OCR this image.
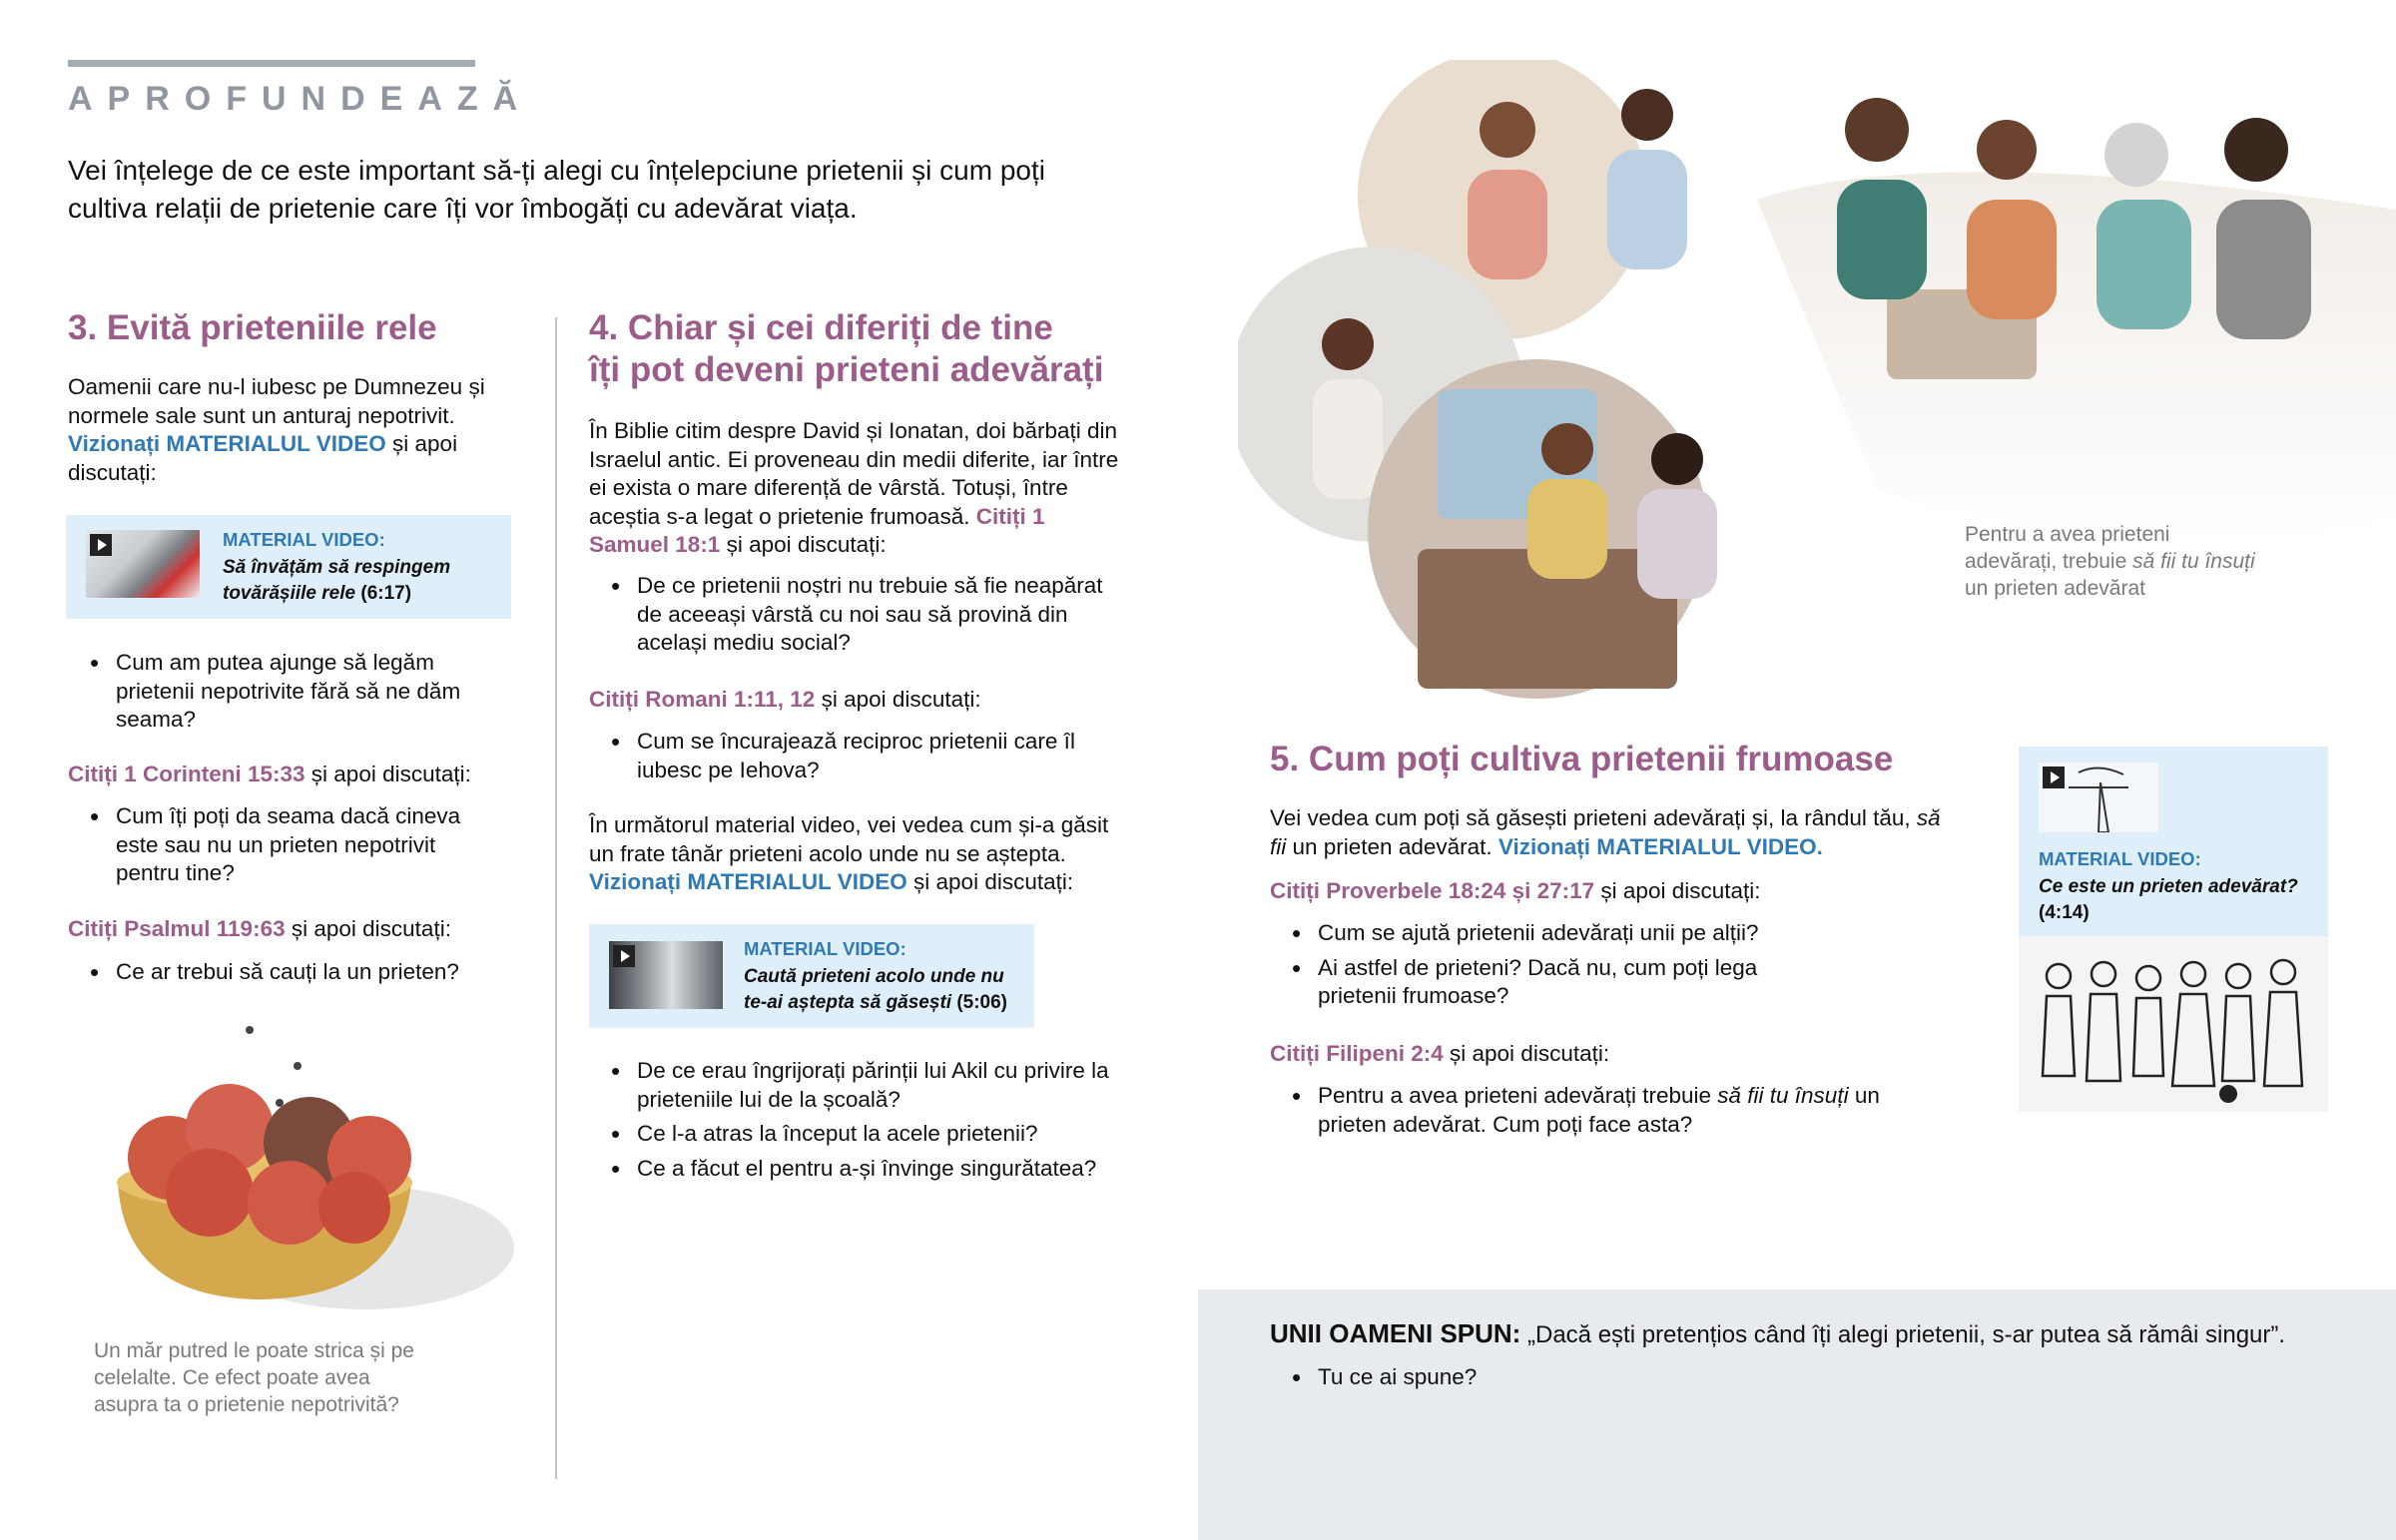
APROFUNDEAZĂ
Vei înțelege de ce este important să-ți alegi cu înțelepciune prietenii și cum poți cultiva relații de prietenie care îți vor îmbogăți cu adevărat viața.
3. Evită prieteniile rele
Oamenii care nu-l iubesc pe Dumnezeu și normele sale sunt un anturaj nepotrivit. Vizionați MATERIALUL VIDEO și apoi discutați:
MATERIAL VIDEO:
Să învățăm să respingem tovărășiile rele (6:17)
• Cum am putea ajunge să legăm prietenii nepotrivite fără să ne dăm seama?
Citiți 1 Corinteni 15:33 și apoi discutați:
• Cum îți poți da seama dacă cineva este sau nu un prieten nepotrivit pentru tine?
Citiți Psalmul 119:63 și apoi discutați:
• Ce ar trebui să cauți la un prieten?
Un măr putred le poate strica și pe celelalte. Ce efect poate avea asupra ta o prietenie nepotrivită?
4. Chiar și cei diferiți de tine
îți pot deveni prieteni adevărați
În Biblie citim despre David și Ionatan, doi bărbați din Israelul antic. Ei proveneau din medii diferite, iar între ei exista o mare diferență de vârstă. Totuși, între aceștia s-a legat o prietenie frumoasă. Citiți 1 Samuel 18:1 și apoi discutați:
• De ce prietenii noștri nu trebuie să fie neapărat de aceeași vârstă cu noi sau să provină din același mediu social?
Citiți Romani 1:11, 12 și apoi discutați:
• Cum se încurajează reciproc prietenii care îl iubesc pe Iehova?
În următorul material video, vei vedea cum și-a găsit un frate tânăr prieteni acolo unde nu se aștepta. Vizionați MATERIALUL VIDEO și apoi discutați:
MATERIAL VIDEO:
Caută prieteni acolo unde nu te-ai aștepta să găsești (5:06)
• De ce erau îngrijorați părinții lui Akil cu privire la prieteniile lui de la școală?
• Ce l-a atras la început la acele prietenii?
• Ce a făcut el pentru a-și învinge singurătatea?
Pentru a avea prieteni adevărați, trebuie să fii tu însuți un prieten adevărat
5. Cum poți cultiva prietenii frumoase
Vei vedea cum poți să găsești prieteni adevărați și, la rândul tău, să fii un prieten adevărat. Vizionați MATERIALUL VIDEO.
Citiți Proverbele 18:24 și 27:17 și apoi discutați:
• Cum se ajută prietenii adevărați unii pe alții?
• Ai astfel de prieteni? Dacă nu, cum poți lega prietenii frumoase?
Citiți Filipeni 2:4 și apoi discutați:
• Pentru a avea prieteni adevărați trebuie să fii tu însuți un prieten adevărat. Cum poți face asta?
MATERIAL VIDEO:
Ce este un prieten adevărat?
(4:14)
UNII OAMENI SPUN: „Dacă ești pretențios când îți alegi prietenii, s-ar putea să rămâi singur”.
• Tu ce ai spune?
